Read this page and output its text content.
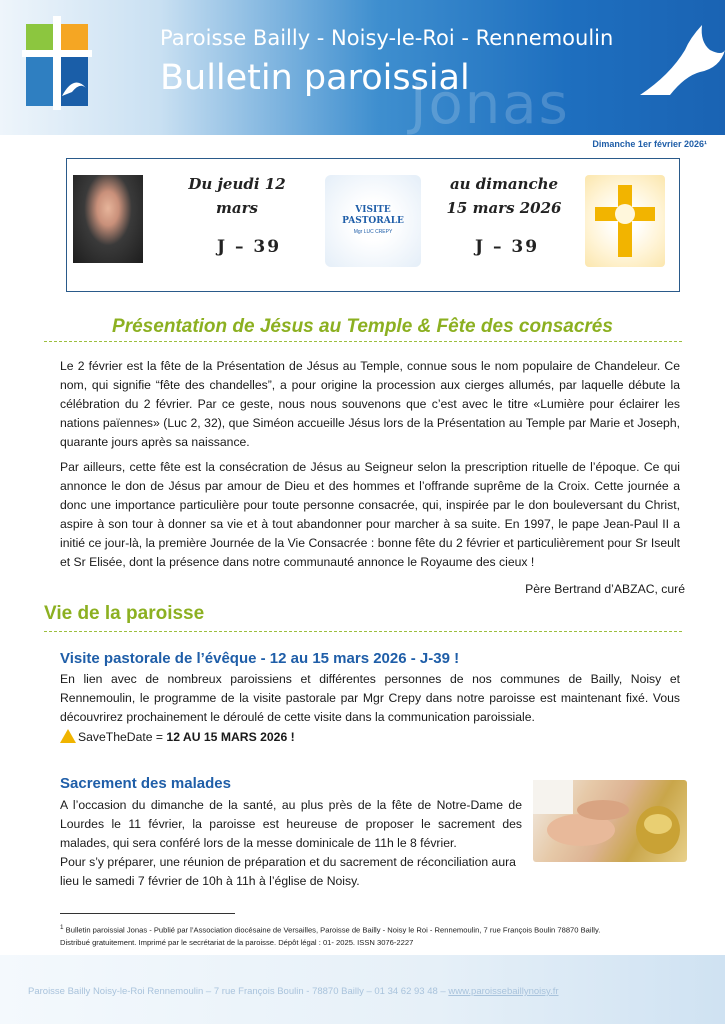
Jonas
Paroisse Bailly - Noisy-le-Roi - Rennemoulin
Bulletin paroissial
Dimanche 1er février 2026¹
Du jeudi 12
mars
J – 39
VISITE
PASTORALE
Mgr LUC CREPY
au dimanche
15 mars 2026
J – 39
Présentation de Jésus au Temple & Fête des consacrés

Le 2 février est la fête de la Présentation de Jésus au Temple, connue sous le nom populaire de Chandeleur. Ce nom, qui signifie “fête des chandelles”, a pour origine la procession aux cierges allumés, par laquelle débute la célébration du 2 février. Par ce geste, nous nous souvenons que c’est avec le titre «Lumière pour éclairer les nations païennes» (Luc 2, 32), que Siméon accueille Jésus lors de la Présentation au Temple par Marie et Joseph, quarante jours après sa naissance.

Par ailleurs, cette fête est la consécration de Jésus au Seigneur selon la prescription rituelle de l’époque. Ce qui annonce le don de Jésus par amour de Dieu et des hommes et l’offrande suprême de la Croix. Cette journée a donc une importance particulière pour toute personne consacrée, qui, inspirée par le don bouleversant du Christ, aspire à son tour à donner sa vie et à tout abandonner pour marcher à sa suite. En 1997, le pape Jean-Paul II a initié ce jour-là, la première Journée de la Vie Consacrée : bonne fête du 2 février et particulièrement pour Sr Iseult et Sr Elisée, dont la présence dans notre communauté annonce le Royaume des cieux !

Père Bertrand d’ABZAC, curé
Vie de la paroisse
Visite pastorale de l’évêque - 12 au 15 mars 2026 - J-39 !

En lien avec de nombreux paroissiens et différentes personnes de nos communes de Bailly, Noisy et Rennemoulin, le programme de la visite pastorale par Mgr Crepy dans notre paroisse est maintenant fixé. Vous découvrirez prochainement le déroulé de cette visite dans la communication paroissiale.

SaveTheDate = 12 AU 15 MARS 2026 !
Sacrement des malades

A l’occasion du dimanche de la santé, au plus près de la fête de Notre-Dame de Lourdes le 11 février, la paroisse est heureuse de proposer le sacrement des malades, qui sera conféré lors de la messe dominicale de 11h le 8 février.

Pour s’y préparer, une réunion de préparation et du sacrement de réconciliation aura lieu le samedi 7 février de 10h à 11h à l’église de Noisy.

$^1$ Bulletin paroissial Jonas - Publié par l’Association diocésaine de Versailles, Paroisse de Bailly - Noisy le Roi - Rennemoulin, 7 rue François Boulin 78870 Bailly.
Distribué gratuitement. Imprimé par le secrétariat de la paroisse. Dépôt légal : 01- 2025. ISSN 3076-2227
Paroisse Bailly Noisy-le-Roi Rennemoulin – 7 rue François Boulin - 78870 Bailly – 01 34 62 93 48 – www.paroissebaillynoisy.fr
